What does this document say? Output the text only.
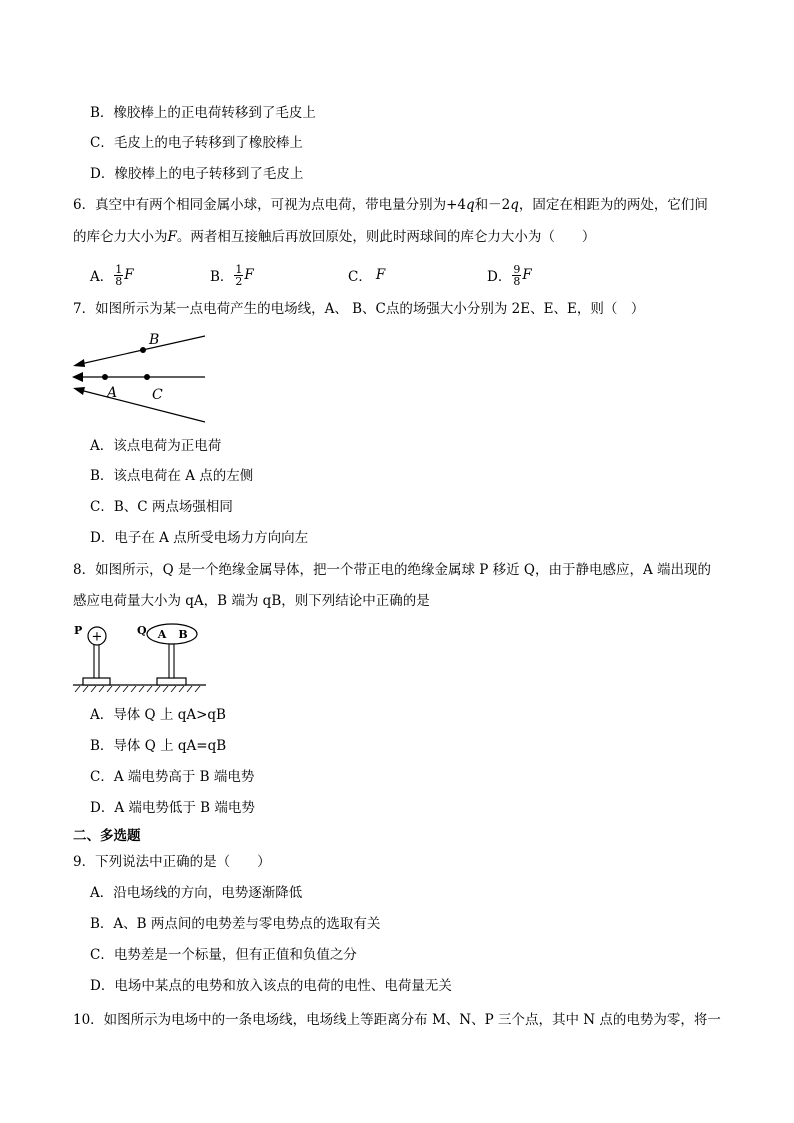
B．橡胶棒上的正电荷转移到了毛皮上
C．毛皮上的电子转移到了橡胶棒上
D．橡胶棒上的电子转移到了毛皮上
6．真空中有两个相同金属小球，可视为点电荷，带电量分别为+4q和－2q，固定在相距为的两处，它们间
的库仑力大小为F。两者相互接触后再放回原处，则此时两球间的库仑力大小为（　　）
A． $\frac{1}{8}$ F	B． $\frac{1}{2}$ F	C． F	D． $\frac{9}{8}$ F
7．如图所示为某一点电荷产生的电场线，A、 B、C点的场强大小分别为 2E、E、E，则（　）
B
A C
A．该点电荷为正电荷
B．该点电荷在 A 点的左侧
C．B、C 两点场强相同
D．电子在 A 点所受电场力方向向左
8．如图所示，Q 是一个绝缘金属导体，把一个带正电的绝缘金属球 P 移近 Q，由于静电感应，A 端出现的
感应电荷量大小为 qA，B 端为 qB，则下列结论中正确的是
+
P	Q A B
A．导体 Q 上 qA>qB
B．导体 Q 上 qA=qB
C．A 端电势高于 B 端电势
D．A 端电势低于 B 端电势
二、多选题
9．下列说法中正确的是（　　）
A．沿电场线的方向，电势逐渐降低
B．A、B 两点间的电势差与零电势点的选取有关
C．电势差是一个标量，但有正值和负值之分
D．电场中某点的电势和放入该点的电荷的电性、电荷量无关
10．如图所示为电场中的一条电场线，电场线上等距离分布 M、N、P 三个点，其中 N 点的电势为零，将一
